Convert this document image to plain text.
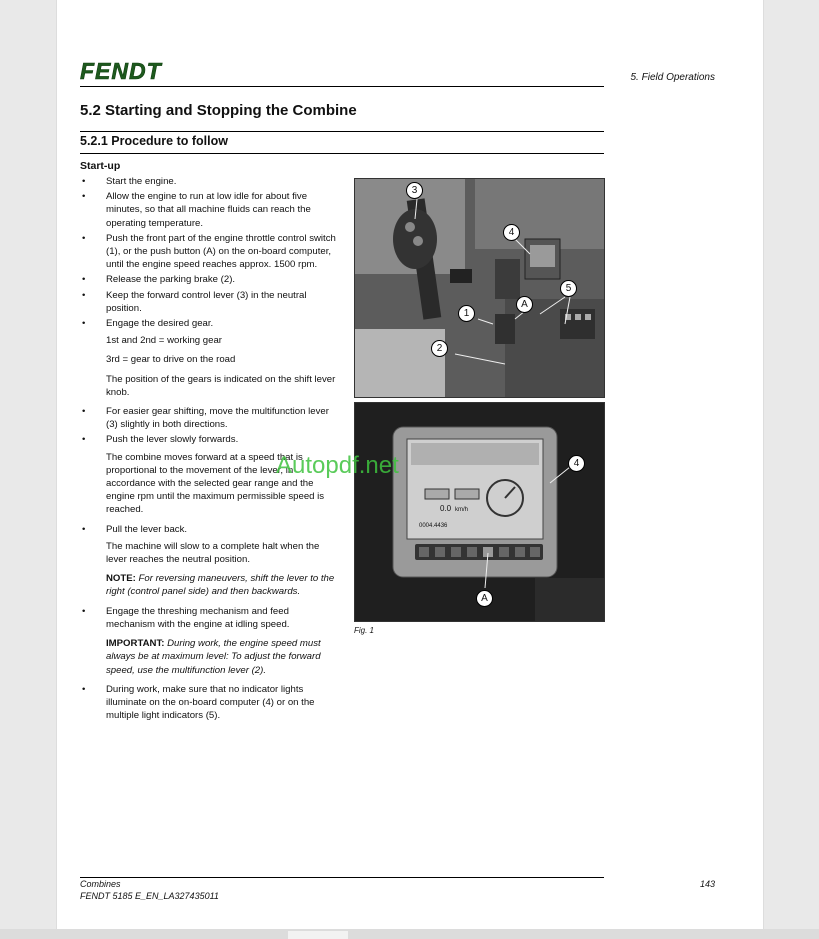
FENDT	5. Field Operations
5.2 Starting and Stopping the Combine
5.2.1 Procedure to follow
Start-up
• Start the engine.
• Allow the engine to run at low idle for about five minutes, so that all machine fluids can reach the operating temperature.
• Push the front part of the engine throttle control switch (1), or the push button (A) on the on-board computer, until the engine speed reaches approx. 1500 rpm.
• Release the parking brake (2).
• Keep the forward control lever (3) in the neutral position.
• Engage the desired gear.
1st and 2nd = working gear
3rd = gear to drive on the road
The position of the gears is indicated on the shift lever knob.
• For easier gear shifting, move the multifunction lever (3) slightly in both directions.
• Push the lever slowly forwards.
The combine moves forward at a speed that is proportional to the movement of the lever, in accordance with the selected gear range and the engine rpm until the maximum permissible speed is reached.
• Pull the lever back.
The machine will slow to a complete halt when the lever reaches the neutral position.
NOTE: For reversing maneuvers, shift the lever to the right (control panel side) and then backwards.
• Engage the threshing mechanism and feed mechanism with the engine at idling speed.
IMPORTANT: During work, the engine speed must always be at maximum level: To adjust the forward speed, use the multifunction lever (2).
• During work, make sure that no indicator lights illuminate on the on-board computer (4) or on the multiple light indicators (5).
3
4
A
5
1
2
0.0 km/h
0004.4436
4
A
Fig. 1
Autopdf.net
Combines
FENDT 5185 E_EN_LA327435011
143
